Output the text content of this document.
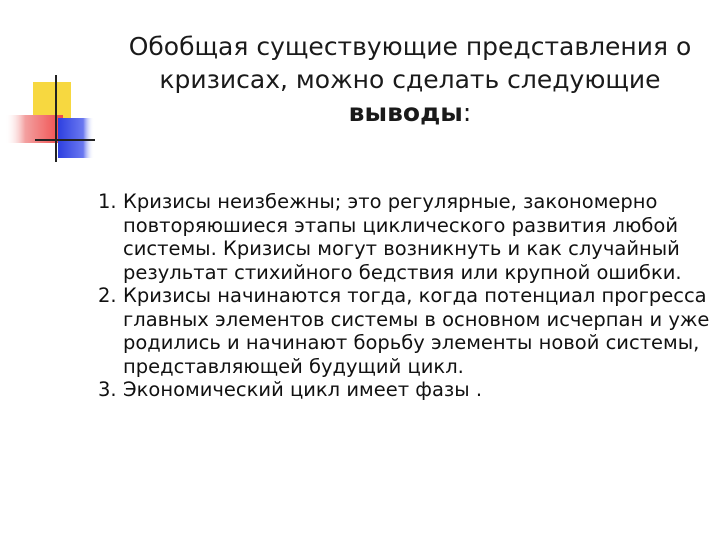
Обобщая существующие представления о
кризисах, можно сделать следующие
выводы:
1. Кризисы неизбежны; это регулярные, закономерно повторяюшиеся этапы циклического развития любой системы. Кризисы могут возникнуть и как случайный результат стихийного бедствия или крупной ошибки.
2. Кризисы начинаются тогда, когда потенциал прогресса главных элементов системы в основном исчерпан и уже родились и начинают борьбу элементы новой системы, представляющей будущий цикл.
3. Экономический цикл имеет фазы .
